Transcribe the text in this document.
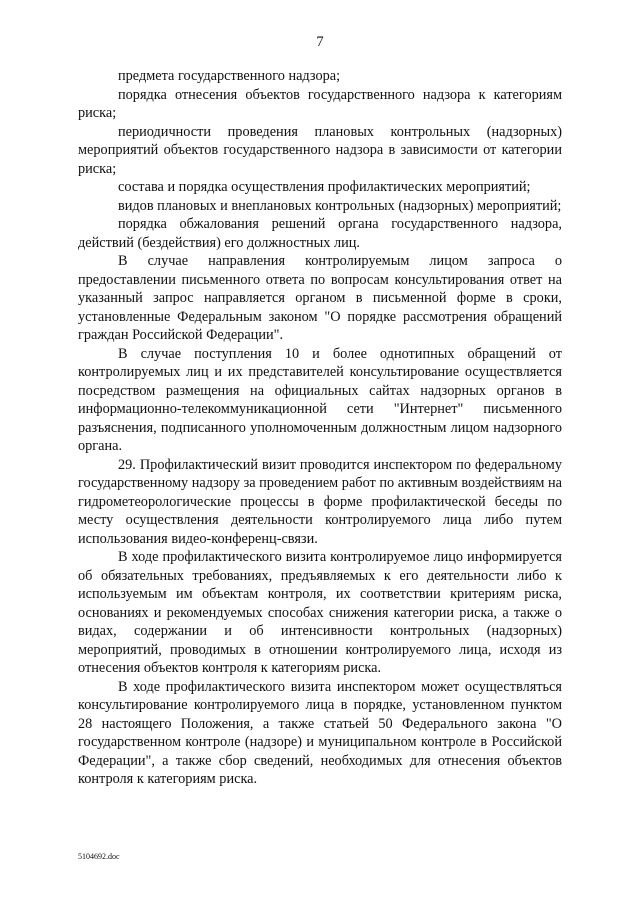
7

предмета государственного надзора;

порядка отнесения объектов государственного надзора к категориям риска;

периодичности проведения плановых контрольных (надзорных) мероприятий объектов государственного надзора в зависимости от категории риска;

состава и порядка осуществления профилактических мероприятий;

видов плановых и внеплановых контрольных (надзорных) мероприятий;

порядка обжалования решений органа государственного надзора, действий (бездействия) его должностных лиц.

В случае направления контролируемым лицом запроса о предоставлении письменного ответа по вопросам консультирования ответ на указанный запрос направляется органом в письменной форме в сроки, установленные Федеральным законом "О порядке рассмотрения обращений граждан Российской Федерации".

В случае поступления 10 и более однотипных обращений от контролируемых лиц и их представителей консультирование осуществляется посредством размещения на официальных сайтах надзорных органов в информационно-телекоммуникационной сети "Интернет" письменного разъяснения, подписанного уполномоченным должностным лицом надзорного органа.

29. Профилактический визит проводится инспектором по федеральному государственному надзору за проведением работ по активным воздействиям на гидрометеорологические процессы в форме профилактической беседы по месту осуществления деятельности контролируемого лица либо путем использования видео-конференц-связи.

В ходе профилактического визита контролируемое лицо информируется об обязательных требованиях, предъявляемых к его деятельности либо к используемым им объектам контроля, их соответствии критериям риска, основаниях и рекомендуемых способах снижения категории риска, а также о видах, содержании и об интенсивности контрольных (надзорных) мероприятий, проводимых в отношении контролируемого лица, исходя из отнесения объектов контроля к категориям риска.

В ходе профилактического визита инспектором может осуществляться консультирование контролируемого лица в порядке, установленном пунктом 28 настоящего Положения, а также статьей 50 Федерального закона "О государственном контроле (надзоре) и муниципальном контроле в Российской Федерации", а также сбор сведений, необходимых для отнесения объектов контроля к категориям риска.

5104692.doc
